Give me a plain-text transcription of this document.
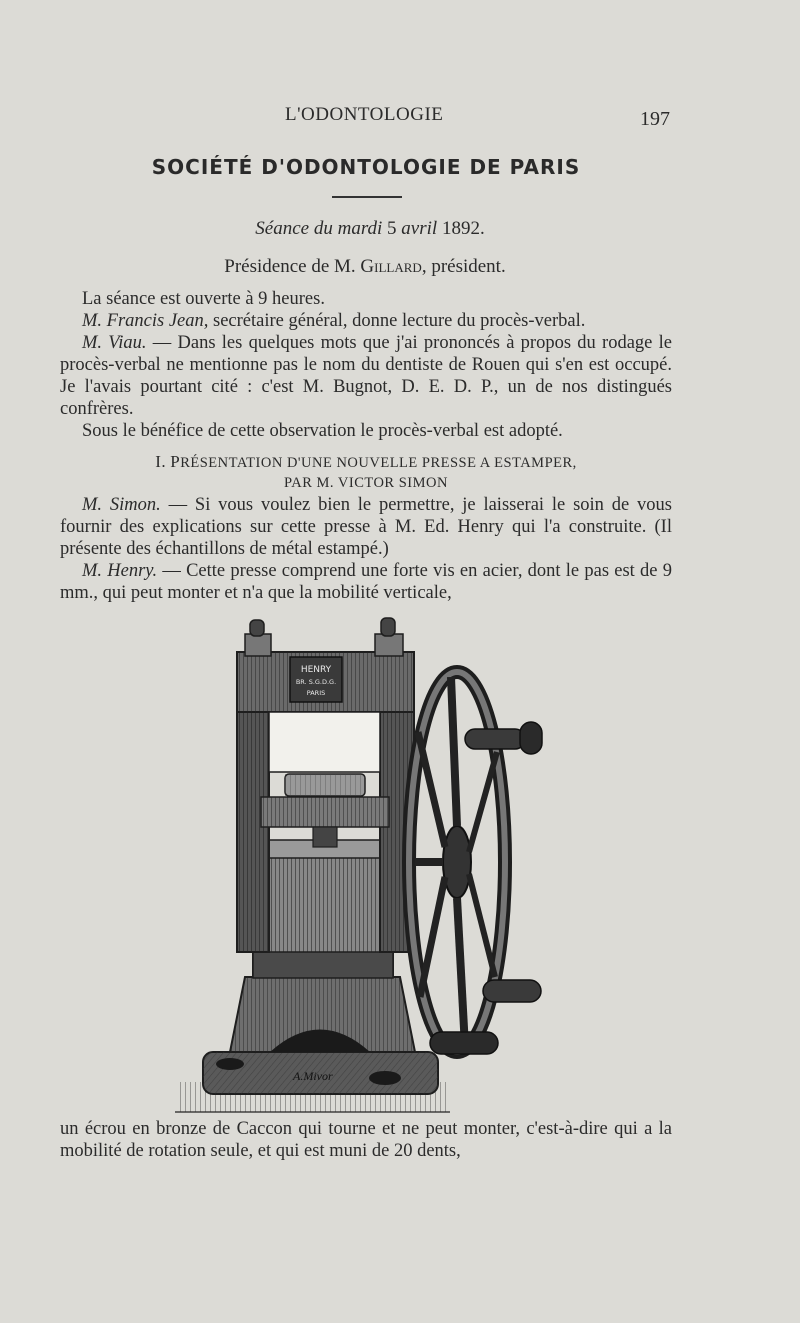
L'ODONTOLOGIE	197
SOCIÉTÉ D'ODONTOLOGIE DE PARIS
Séance du mardi 5 avril 1892.
Présidence de M. Gillard, président.

La séance est ouverte à 9 heures.

M. Francis Jean, secrétaire général, donne lecture du procès-verbal.

M. Viau. — Dans les quelques mots que j'ai prononcés à propos du rodage le procès-verbal ne mentionne pas le nom du dentiste de Rouen qui s'en est occupé. Je l'avais pourtant cité : c'est M. Bugnot, D. E. D. P., un de nos distingués confrères.

Sous le bénéfice de cette observation le procès-verbal est adopté.

I. PRÉSENTATION D'UNE NOUVELLE PRESSE A ESTAMPER,
PAR M. VICTOR SIMON

M. Simon. — Si vous voulez bien le permettre, je laisserai le soin de vous fournir des explications sur cette presse à M. Ed. Henry qui l'a construite. (Il présente des échantillons de métal estampé.)

M. Henry. — Cette presse comprend une forte vis en acier, dont le pas est de 9 mm., qui peut monter et n'a que la mobilité verticale,

HENRY
BR. S.G.D.G.
PARIS
A.Mivor

un écrou en bronze de Caccon qui tourne et ne peut monter, c'est-à-dire qui a la mobilité de rotation seule, et qui est muni de 20 dents,
